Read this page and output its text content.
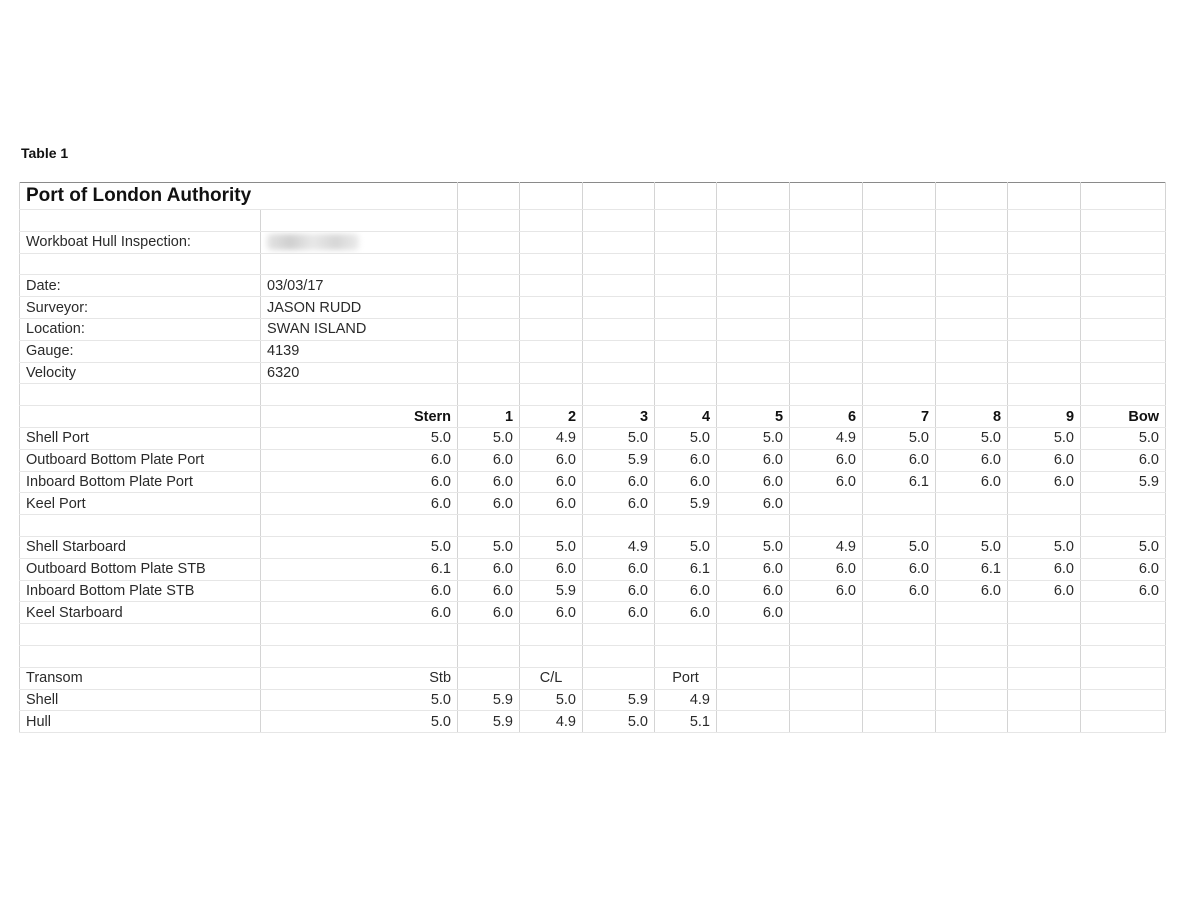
Table 1
Port of London Authority											

Workboat Hull Inspection:											

Date:	03/03/17										
Surveyor:	JASON RUDD										
Location:	SWAN ISLAND										
Gauge:	4139										
Velocity	6320										

	Stern	1	2	3	4	5	6	7	8	9	Bow
Shell Port	5.0	5.0	4.9	5.0	5.0	5.0	4.9	5.0	5.0	5.0	5.0
Outboard Bottom Plate Port	6.0	6.0	6.0	5.9	6.0	6.0	6.0	6.0	6.0	6.0	6.0
Inboard Bottom Plate Port	6.0	6.0	6.0	6.0	6.0	6.0	6.0	6.1	6.0	6.0	5.9
Keel Port	6.0	6.0	6.0	6.0	5.9	6.0					

Shell Starboard	5.0	5.0	5.0	4.9	5.0	5.0	4.9	5.0	5.0	5.0	5.0
Outboard Bottom Plate STB	6.1	6.0	6.0	6.0	6.1	6.0	6.0	6.0	6.1	6.0	6.0
Inboard Bottom Plate STB	6.0	6.0	5.9	6.0	6.0	6.0	6.0	6.0	6.0	6.0	6.0
Keel Starboard	6.0	6.0	6.0	6.0	6.0	6.0					

Transom	Stb		C/L		Port						
Shell	5.0	5.9	5.0	5.9	4.9						
Hull	5.0	5.9	4.9	5.0	5.1						
